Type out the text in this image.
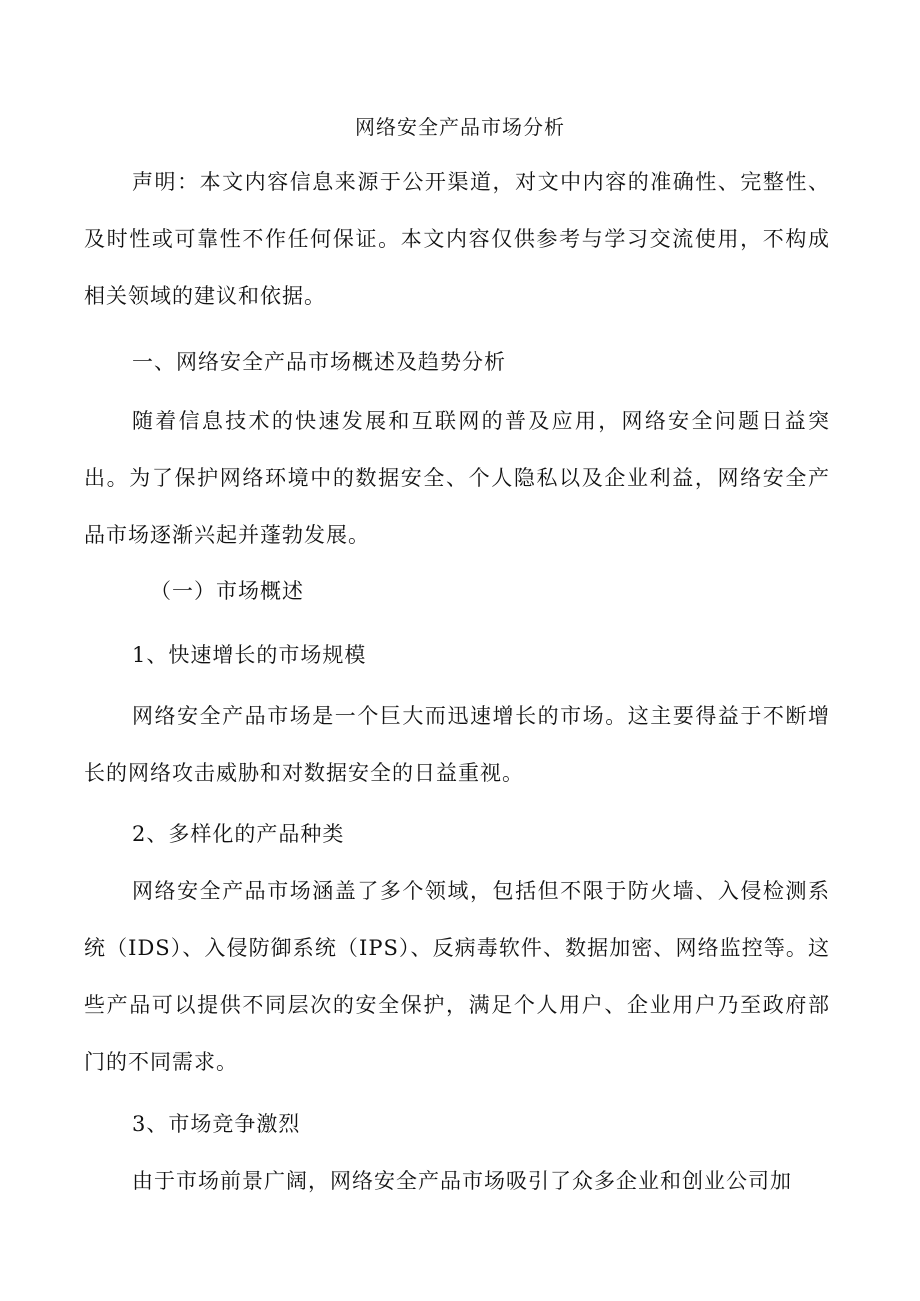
网络安全产品市场分析

声明：本文内容信息来源于公开渠道，对文中内容的准确性、完整性、及时性或可靠性不作任何保证。本文内容仅供参考与学习交流使用，不构成相关领域的建议和依据。

一、网络安全产品市场概述及趋势分析

随着信息技术的快速发展和互联网的普及应用，网络安全问题日益突出。为了保护网络环境中的数据安全、个人隐私以及企业利益，网络安全产品市场逐渐兴起并蓬勃发展。

（一）市场概述
1、快速增长的市场规模

网络安全产品市场是一个巨大而迅速增长的市场。这主要得益于不断增长的网络攻击威胁和对数据安全的日益重视。

2、多样化的产品种类

网络安全产品市场涵盖了多个领域，包括但不限于防火墙、入侵检测系统（IDS）、入侵防御系统（IPS）、反病毒软件、数据加密、网络监控等。这些产品可以提供不同层次的安全保护，满足个人用户、企业用户乃至政府部门的不同需求。

3、市场竞争激烈

由于市场前景广阔，网络安全产品市场吸引了众多企业和创业公司加
